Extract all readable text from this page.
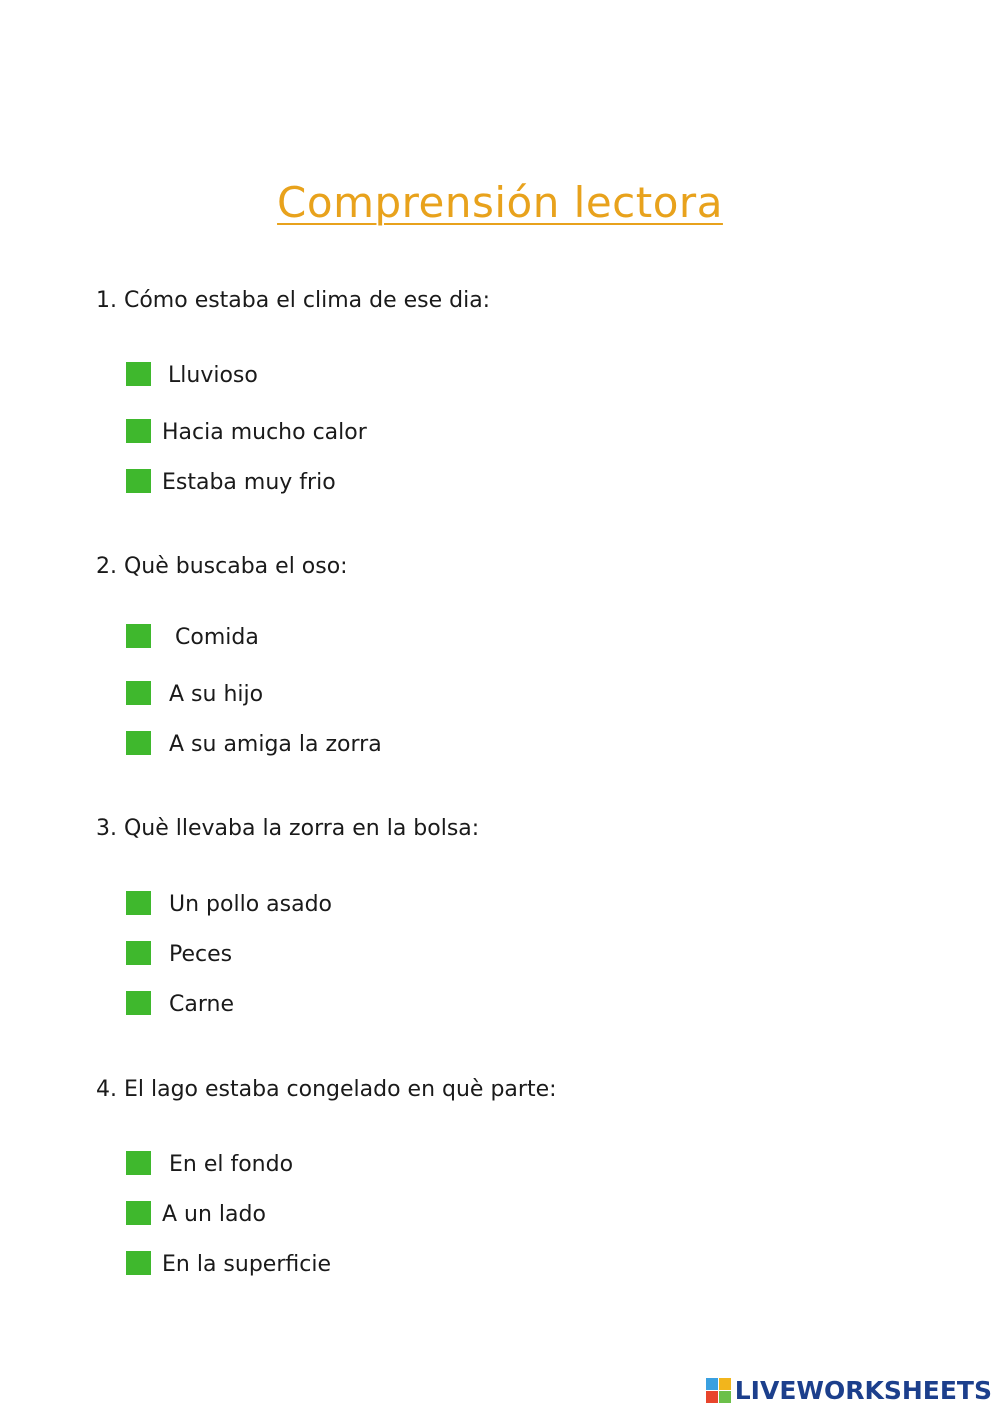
Comprensión lectora
1. Cómo estaba el clima de ese dia:
Lluvioso
Hacia mucho calor
Estaba muy frio
2. Què buscaba el oso:
Comida
A su hijo
A su amiga la zorra
3. Què llevaba la zorra en la bolsa:
Un pollo asado
Peces
Carne
4. El lago estaba congelado en què parte:
En el fondo
A un lado
En la superficie
LIVEWORKSHEETS
